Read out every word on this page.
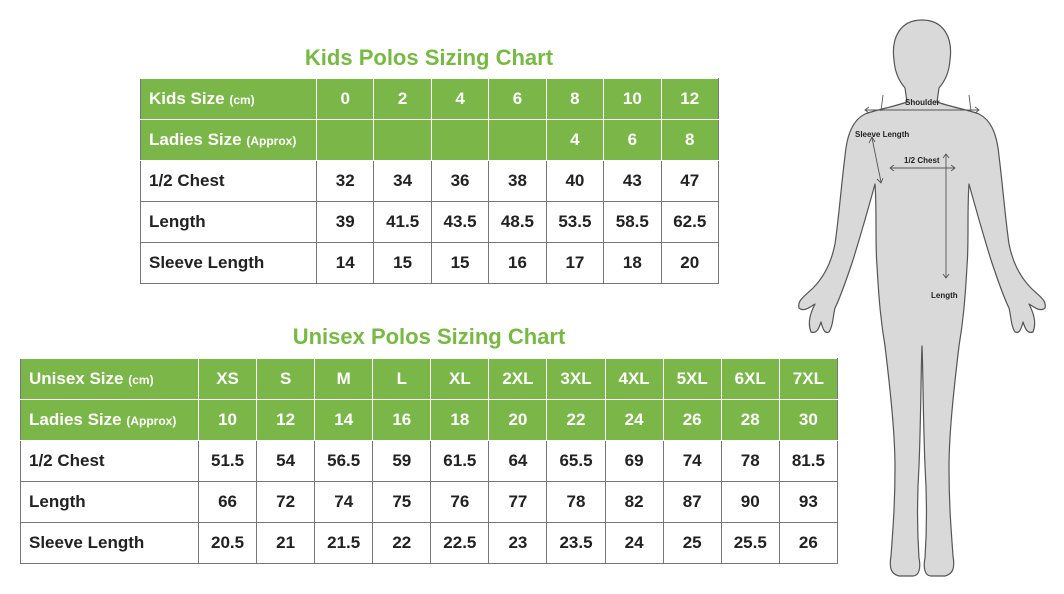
Kids Polos Sizing Chart
Kids Size (cm)	0	2	4	6	8	10	12
Ladies Size (Approx)					4	6	8
1/2 Chest	32	34	36	38	40	43	47
Length	39	41.5	43.5	48.5	53.5	58.5	62.5
Sleeve Length	14	15	15	16	17	18	20
Unisex Polos Sizing Chart
Unisex Size (cm)	XS	S	M	L	XL	2XL	3XL	4XL	5XL	6XL	7XL
Ladies Size (Approx)	10	12	14	16	18	20	22	24	26	28	30
1/2 Chest	51.5	54	56.5	59	61.5	64	65.5	69	74	78	81.5
Length	66	72	74	75	76	77	78	82	87	90	93
Sleeve Length	20.5	21	21.5	22	22.5	23	23.5	24	25	25.5	26
Shoulder
Sleeve Length
1/2 Chest
Length
